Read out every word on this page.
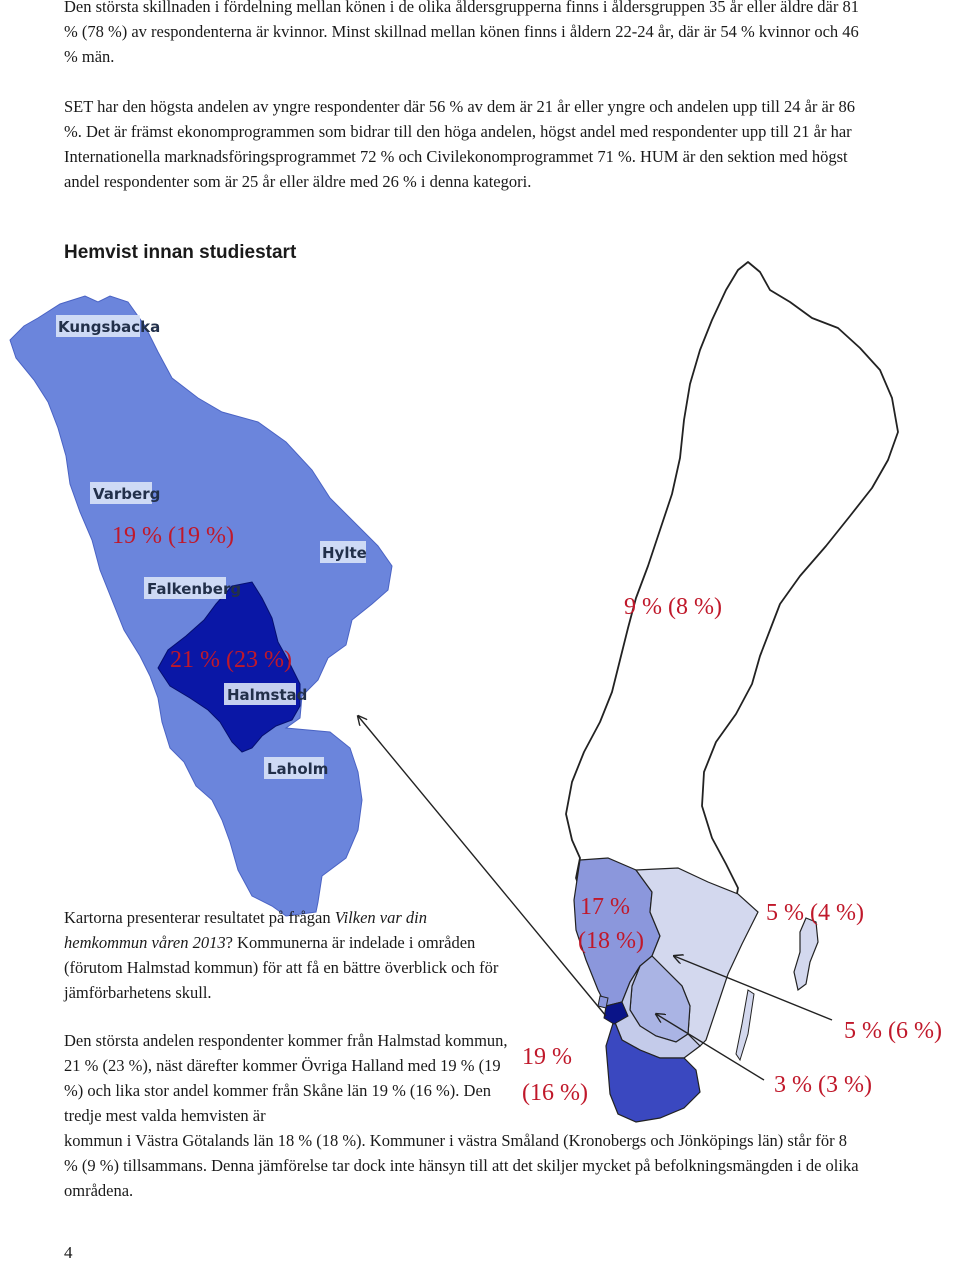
Den största skillnaden i fördelning mellan könen i de olika åldersgrupperna finns i åldersgruppen 35 år eller äldre där 81 % (78 %) av respondenterna är kvinnor. Minst skillnad mellan könen finns i åldern 22-24 år, där är 54 % kvinnor och 46 % män.

SET har den högsta andelen av yngre respondenter där 56 % av dem är 21 år eller yngre och andelen upp till 24 år är 86 %. Det är främst ekonomprogrammen som bidrar till den höga andelen, högst andel med respondenter upp till 21 år har Internationella marknadsföringsprogrammet 72 % och Civilekonomprogrammet 71 %. HUM är den sektion med högst andel respondenter som är 25 år eller äldre med 26 % i denna kategori.

Hemvist innan studiestart
Kungsbacka
Varberg
Hylte
Falkenberg
Halmstad
Laholm
19 % (19 %)
21 % (23 %)
9 % (8 %)
17 %
(18 %)
5 % (4 %)
5 % (6 %)
3 % (3 %)
19 %
(16 %)

Kartorna presenterar resultatet på frågan Vilken var din hemkommun våren 2013? Kommunerna är indelade i områden (förutom Halmstad kommun) för att få en bättre överblick och för jämförbarhetens skull.

Den största andelen respondenter kommer från Halmstad kommun, 21 % (23 %), näst därefter kommer Övriga Halland med 19 % (19 %) och lika stor andel kommer från Skåne län 19 % (16 %). Den tredje mest valda hemvisten är

kommun i Västra Götalands län 18 % (18 %). Kommuner i västra Småland (Kronobergs och Jönköpings län) står för 8 % (9 %) tillsammans. Denna jämförelse tar dock inte hänsyn till att det skiljer mycket på befolkningsmängden i de olika områdena.

4
